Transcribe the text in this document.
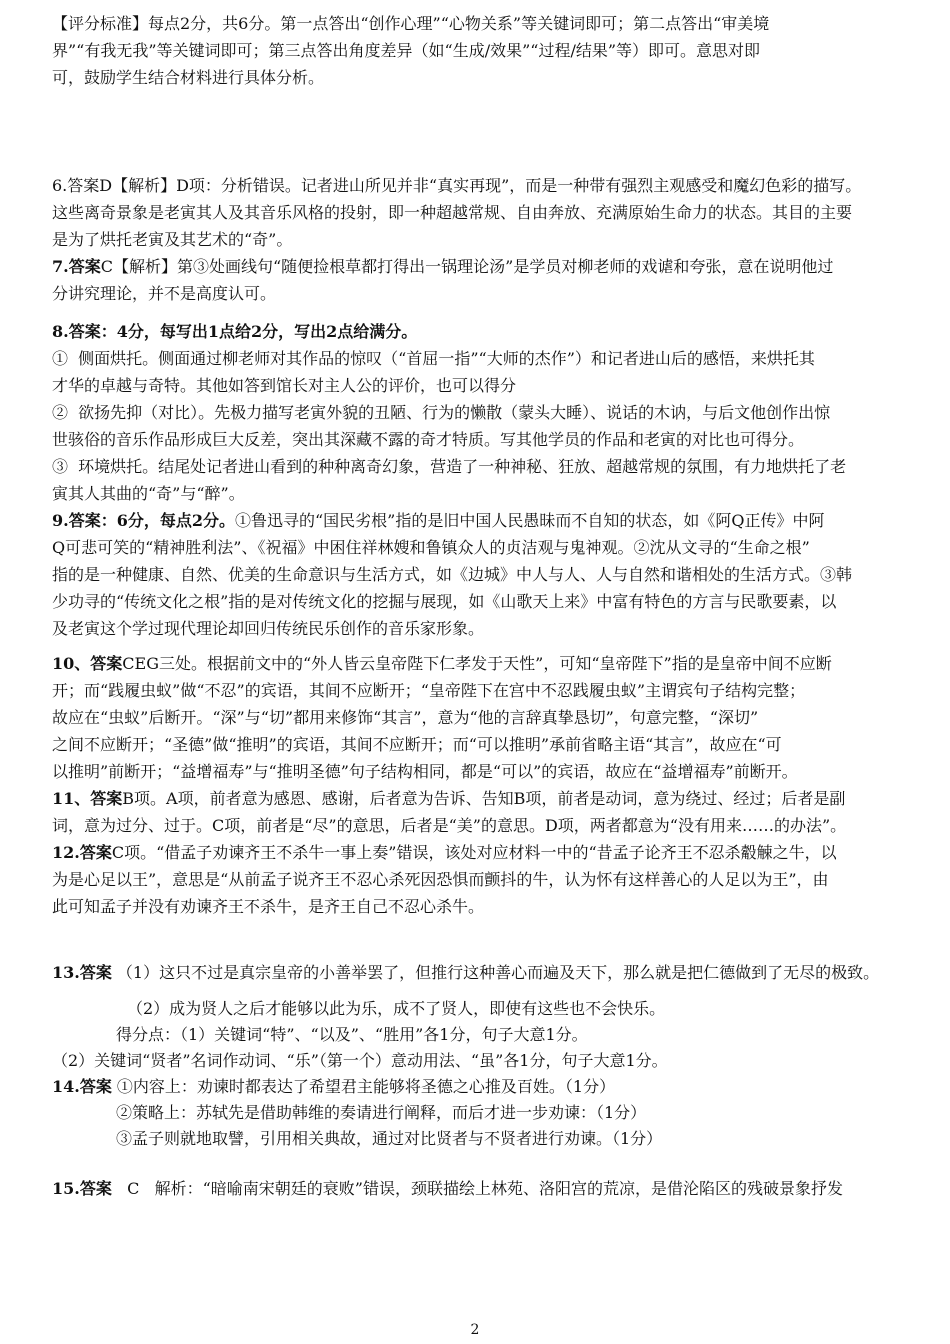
【评分标准】每点2分，共6分。第一点答出“创作心理”“心物关系”等关键词即可；第二点答出“审美境

界”“有我无我”等关键词即可；第三点答出角度差异（如“生成/效果”“过程/结果”等）即可。意思对即

可，鼓励学生结合材料进行具体分析。

6.答案D【解析】D项：分析错误。记者进山所见并非“真实再现”，而是一种带有强烈主观感受和魔幻色彩的描写。

这些离奇景象是老寅其人及其音乐风格的投射，即一种超越常规、自由奔放、充满原始生命力的状态。其目的主要

是为了烘托老寅及其艺术的“奇”。

7.答案C【解析】第③处画线句“随便捡根草都打得出一锅理论汤”是学员对柳老师的戏谑和夸张，意在说明他过

分讲究理论，并不是高度认可。

8.答案：4分，每写出1点给2分，写出2点给满分。

①  侧面烘托。侧面通过柳老师对其作品的惊叹（“首屈一指”“大师的杰作”）和记者进山后的感悟，来烘托其

才华的卓越与奇特。其他如答到馆长对主人公的评价，也可以得分

②  欲扬先抑（对比）。先极力描写老寅外貌的丑陋、行为的懒散（蒙头大睡）、说话的木讷，与后文他创作出惊

世骇俗的音乐作品形成巨大反差，突出其深藏不露的奇才特质。写其他学员的作品和老寅的对比也可得分。

③  环境烘托。结尾处记者进山看到的种种离奇幻象，营造了一种神秘、狂放、超越常规的氛围，有力地烘托了老

寅其人其曲的“奇”与“醉”。

9.答案：6分，每点2分。①鲁迅寻的“国民劣根”指的是旧中国人民愚昧而不自知的状态，如《阿Q正传》中阿

Q可悲可笑的“精神胜利法”、《祝福》中困住祥林嫂和鲁镇众人的贞洁观与鬼神观。②沈从文寻的“生命之根”

指的是一种健康、自然、优美的生命意识与生活方式，如《边城》中人与人、人与自然和谐相处的生活方式。③韩

少功寻的“传统文化之根”指的是对传统文化的挖掘与展现，如《山歌天上来》中富有特色的方言与民歌要素，以

及老寅这个学过现代理论却回归传统民乐创作的音乐家形象。

10、答案CEG三处。根据前文中的“外人皆云皇帝陛下仁孝发于天性”，可知“皇帝陛下”指的是皇帝中间不应断

开；而“践履虫蚁”做“不忍”的宾语，其间不应断开；“皇帝陛下在宫中不忍践履虫蚁”主谓宾句子结构完整；

故应在“虫蚁”后断开。“深”与“切”都用来修饰“其言”，意为“他的言辞真挚恳切”，句意完整，“深切”

之间不应断开；“圣德”做“推明”的宾语，其间不应断开；而“可以推明”承前省略主语“其言”，故应在“可

以推明”前断开；“益增福寿”与“推明圣德”句子结构相同，都是“可以”的宾语，故应在“益增福寿”前断开。

11、答案B项。A项，前者意为感恩、感谢，后者意为告诉、告知B项，前者是动词，意为绕过、经过；后者是副

词，意为过分、过于。C项，前者是“尽”的意思，后者是“美”的意思。D项，两者都意为“没有用来……的办法”。

12.答案C项。“借孟子劝谏齐王不杀牛一事上奏”错误，该处对应材料一中的“昔孟子论齐王不忍杀觳觫之牛，以

为是心足以王”，意思是“从前孟子说齐王不忍心杀死因恐惧而颤抖的牛，认为怀有这样善心的人足以为王”，由

此可知孟子并没有劝谏齐王不杀牛，是齐王自己不忍心杀牛。

13.答案 （1）这只不过是真宗皇帝的小善举罢了，但推行这种善心而遍及天下，那么就是把仁德做到了无尽的极致。

（2）成为贤人之后才能够以此为乐，成不了贤人，即使有这些也不会快乐。

得分点：（1）关键词“特”、“以及”、“胜用”各1分，句子大意1分。

（2）关键词“贤者”名词作动词、“乐”（第一个）意动用法、“虽”各1分，句子大意1分。

14.答案 ①内容上：劝谏时都表达了希望君主能够将圣德之心推及百姓。（1分）

②策略上：苏轼先是借助韩维的奏请进行阐释，而后才进一步劝谏：（1分）

③孟子则就地取譬，引用相关典故，通过对比贤者与不贤者进行劝谏。（1分）

15.答案   C   解析：“暗喻南宋朝廷的衰败”错误，颈联描绘上林苑、洛阳宫的荒凉，是借沦陷区的残破景象抒发

2
